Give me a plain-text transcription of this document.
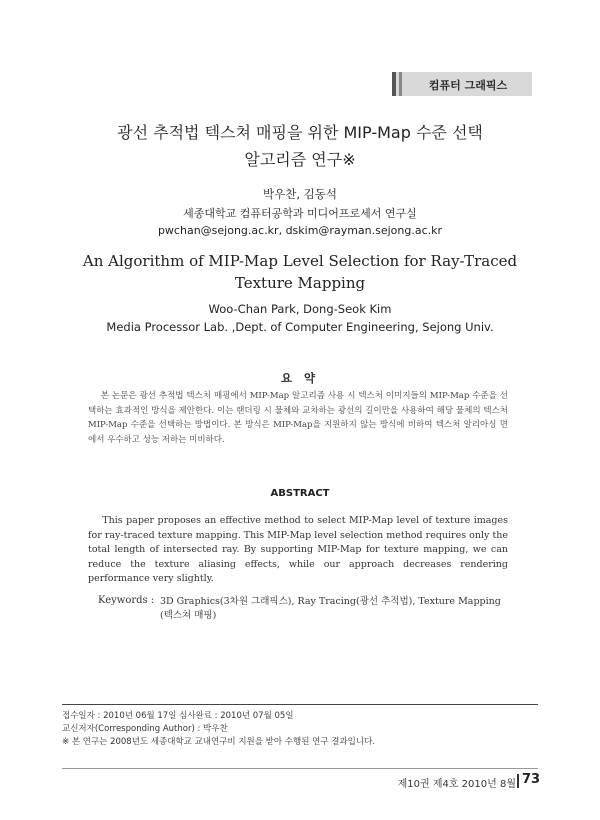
컴퓨터 그래픽스
광선 추적법 텍스쳐 매핑을 위한 MIP-Map 수준 선택
알고리즘 연구※
박우찬, 김동석
세종대학교 컴퓨터공학과 미디어프로세서 연구실
pwchan@sejong.ac.kr, dskim@rayman.sejong.ac.kr
An Algorithm of MIP-Map Level Selection for Ray-Traced Texture Mapping
Woo-Chan Park, Dong-Seok Kim
Media Processor Lab. ,Dept. of Computer Engineering, Sejong Univ.
요 약
본 논문은 광선 추적법 텍스처 매핑에서 MIP-Map 알고리즘 사용 시 텍스처 이미지들의 MIP-Map 수준을 선택하는 효과적인 방식을 제안한다. 이는 랜더링 시 물체와 교차하는 광선의 길이만을 사용하여 해당 물체의 텍스처 MIP-Map 수준을 선택하는 방법이다. 본 방식은 MIP-Map을 지원하지 않는 방식에 비하여 텍스처 알리아싱 면에서 우수하고 성능 저하는 미비하다.
ABSTRACT
This paper proposes an effective method to select MIP-Map level of texture images for ray-traced texture mapping. This MIP-Map level selection method requires only the total length of intersected ray. By supporting MIP-Map for texture mapping, we can reduce the texture aliasing effects, while our approach decreases rendering performance very slightly.
Keywords : 3D Graphics(3차원 그래픽스), Ray Tracing(광선 추적법), Texture Mapping (텍스쳐 매핑)
접수일자 : 2010년 06월 17일 심사완료 : 2010년 07월 05일
교신저자(Corresponding Author) : 박우찬
※ 본 연구는 2008년도 세종대학교 교내연구비 지원을 받아 수행된 연구 결과입니다.
제10권 제4호 2010년 8월 73
